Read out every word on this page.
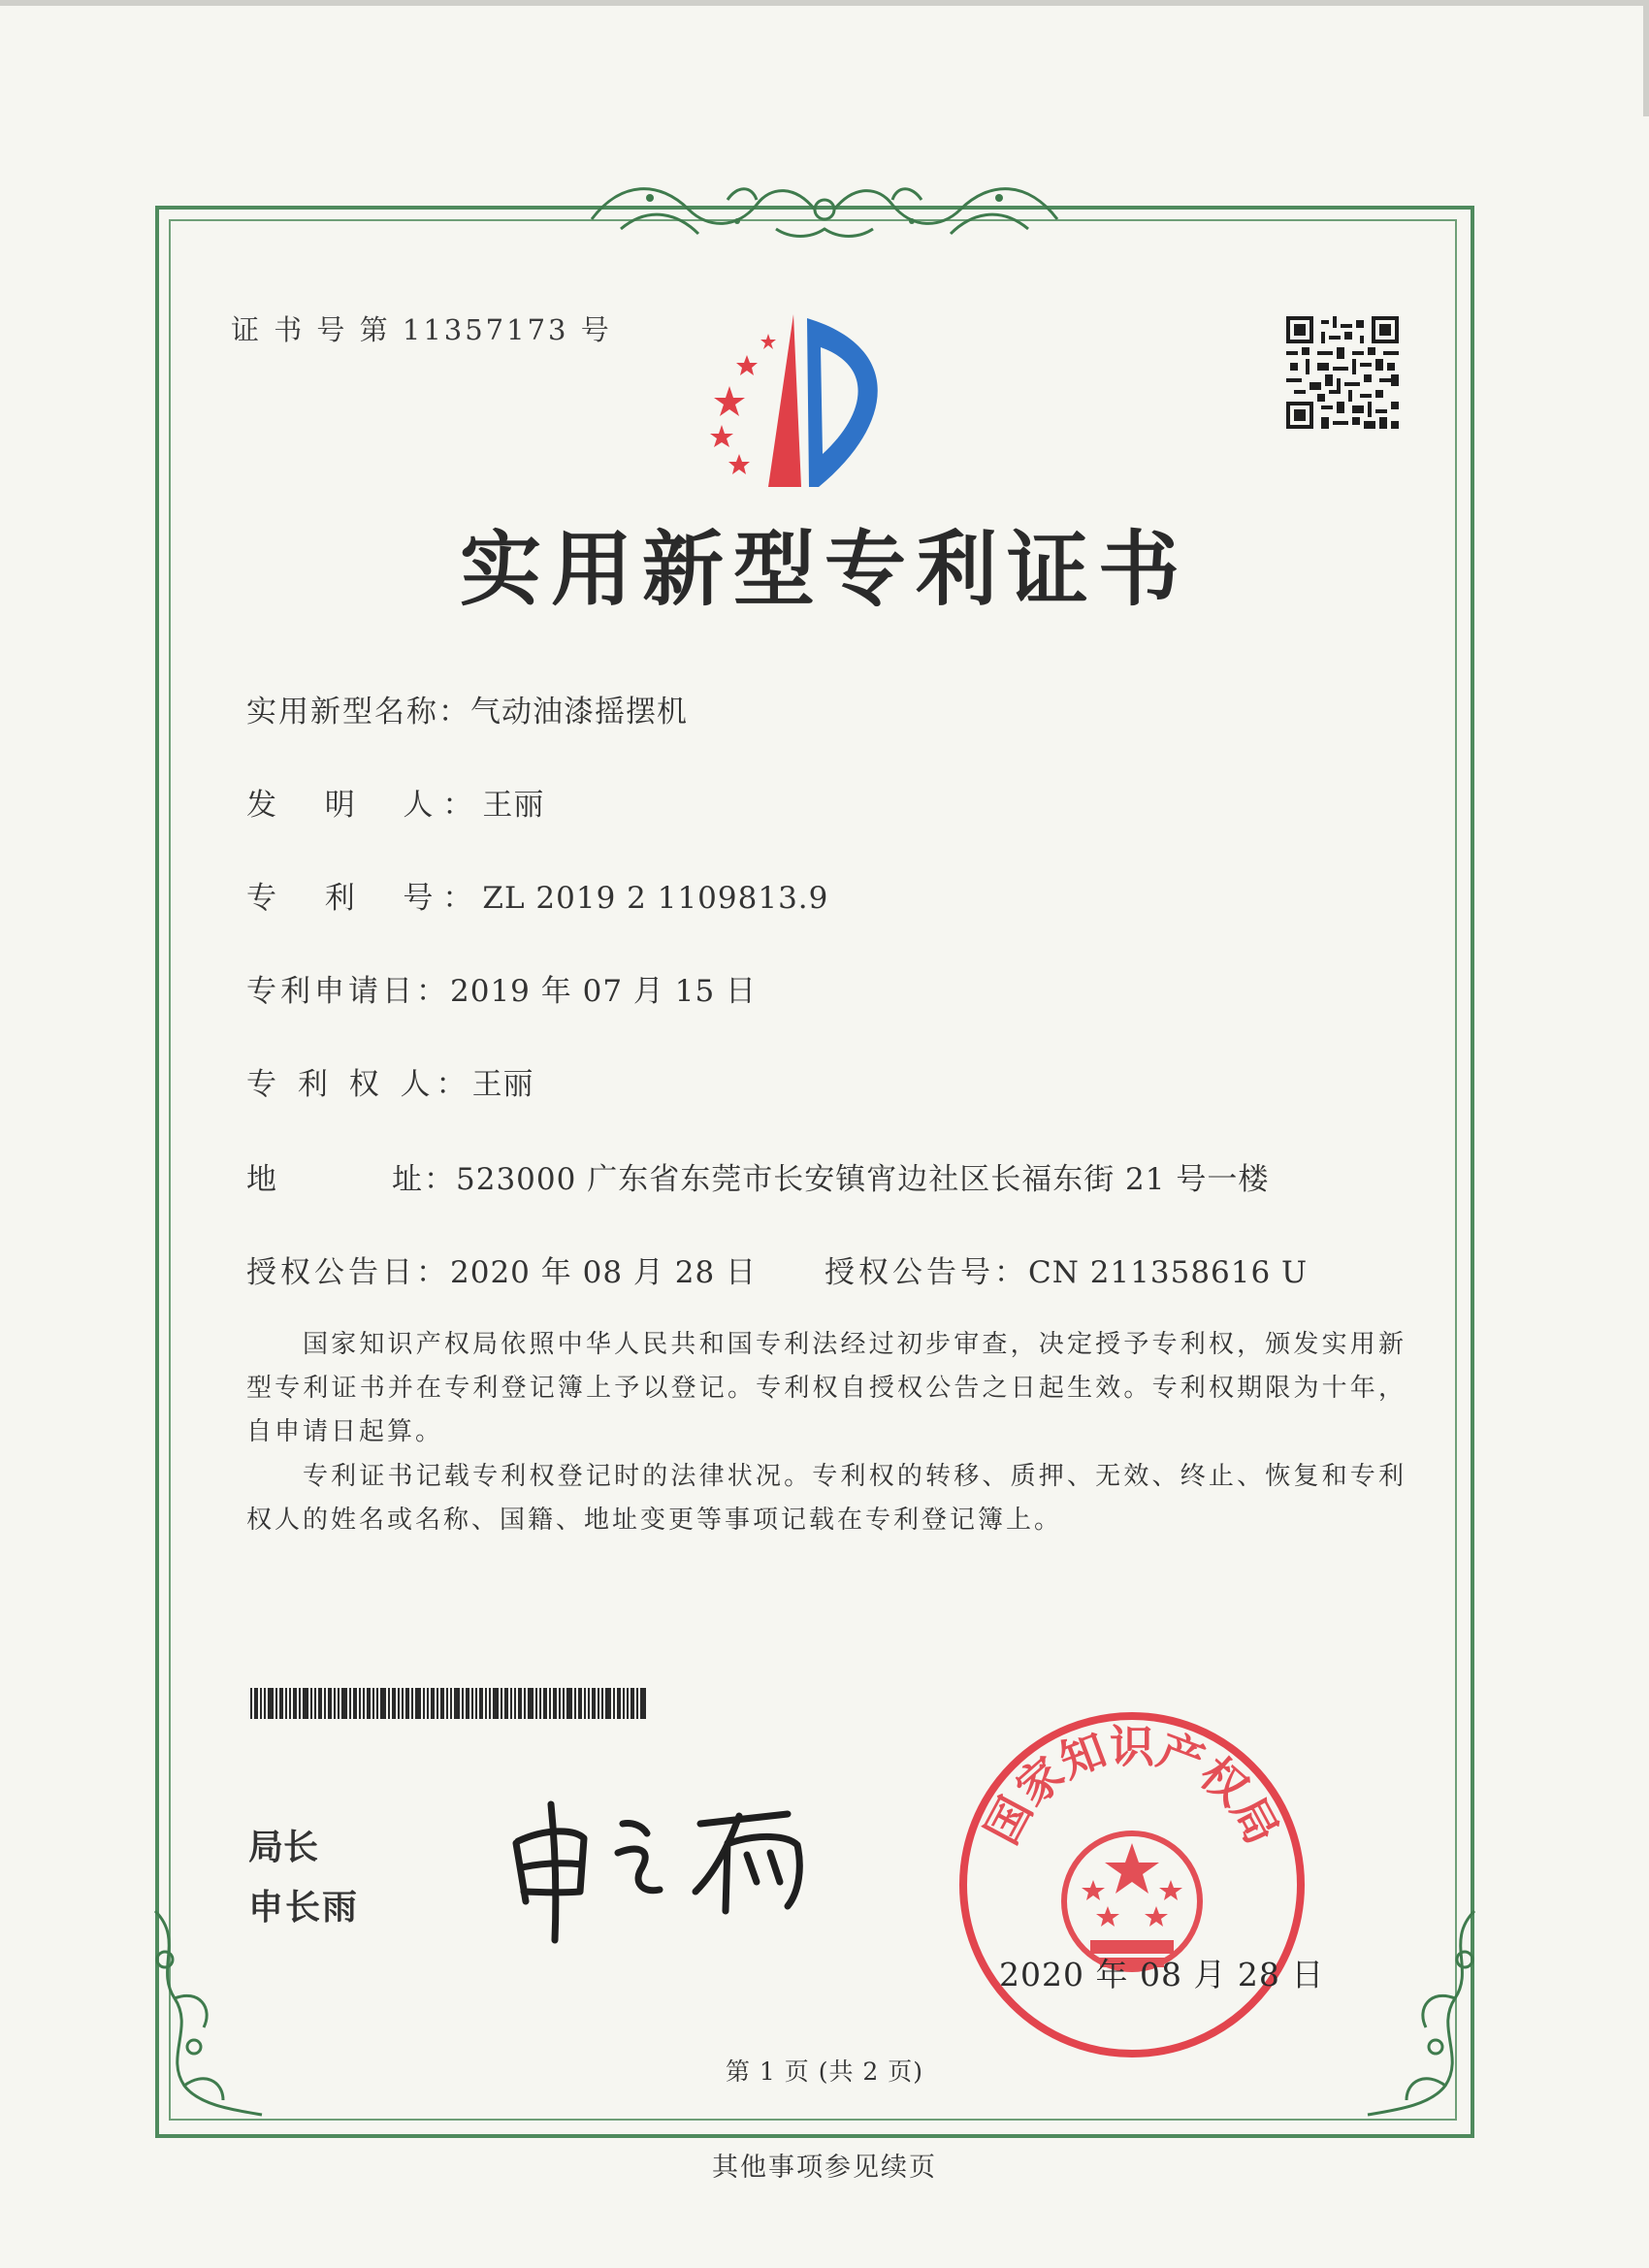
证 书 号 第 11357173 号
实用新型专利证书
实用新型名称：气动油漆摇摆机
发  明  人：王丽
专  利  号：ZL 2019 2 1109813.9
专利申请日：2019 年 07 月 15 日
专 利 权 人：王丽
地	址：523000 广东省东莞市长安镇宵边社区长福东街 21 号一楼
授权公告日：2020 年 08 月 28 日 授权公告号：CN 211358616 U
国家知识产权局依照中华人民共和国专利法经过初步审查，决定授予专利权，颁发实用新型专利证书并在专利登记簿上予以登记。专利权自授权公告之日起生效。专利权期限为十年，自申请日起算。
专利证书记载专利权登记时的法律状况。专利权的转移、质押、无效、终止、恢复和专利权人的姓名或名称、国籍、地址变更等事项记载在专利登记簿上。
局长
申长雨
国家知识产权局
2020 年 08 月 28 日
第 1 页 (共 2 页)
其他事项参见续页
